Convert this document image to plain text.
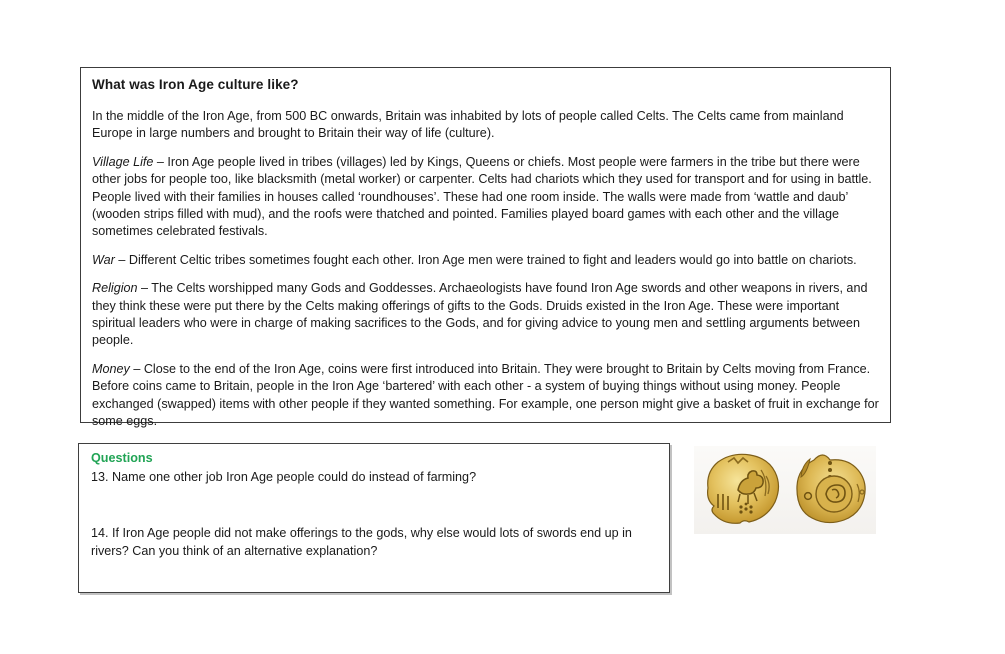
What was Iron Age culture like?

In the middle of the Iron Age, from 500 BC onwards, Britain was inhabited by lots of people called Celts. The Celts came from mainland Europe in large numbers and brought to Britain their way of life (culture).

Village Life – Iron Age people lived in tribes (villages) led by Kings, Queens or chiefs. Most people were farmers in the tribe but there were other jobs for people too, like blacksmith (metal worker) or carpenter. Celts had chariots which they used for transport and for using in battle. People lived with their families in houses called ‘roundhouses’. These had one room inside. The walls were made from ‘wattle and daub’ (wooden strips filled with mud), and the roofs were thatched and pointed. Families played board games with each other and the village sometimes celebrated festivals.

War – Different Celtic tribes sometimes fought each other. Iron Age men were trained to fight and leaders would go into battle on chariots.

Religion – The Celts worshipped many Gods and Goddesses. Archaeologists have found Iron Age swords and other weapons in rivers, and they think these were put there by the Celts making offerings of gifts to the Gods. Druids existed in the Iron Age. These were important spiritual leaders who were in charge of making sacrifices to the Gods, and for giving advice to young men and settling arguments between people.

Money – Close to the end of the Iron Age, coins were first introduced into Britain. They were brought to Britain by Celts moving from France. Before coins came to Britain, people in the Iron Age ‘bartered’ with each other - a system of buying things without using money. People exchanged (swapped) items with other people if they wanted something. For example, one person might give a basket of fruit in exchange for some eggs.

Questions
13. Name one other job Iron Age people could do instead of farming?
14. If Iron Age people did not make offerings to the gods, why else would lots of swords end up in rivers? Can you think of an alternative explanation?
